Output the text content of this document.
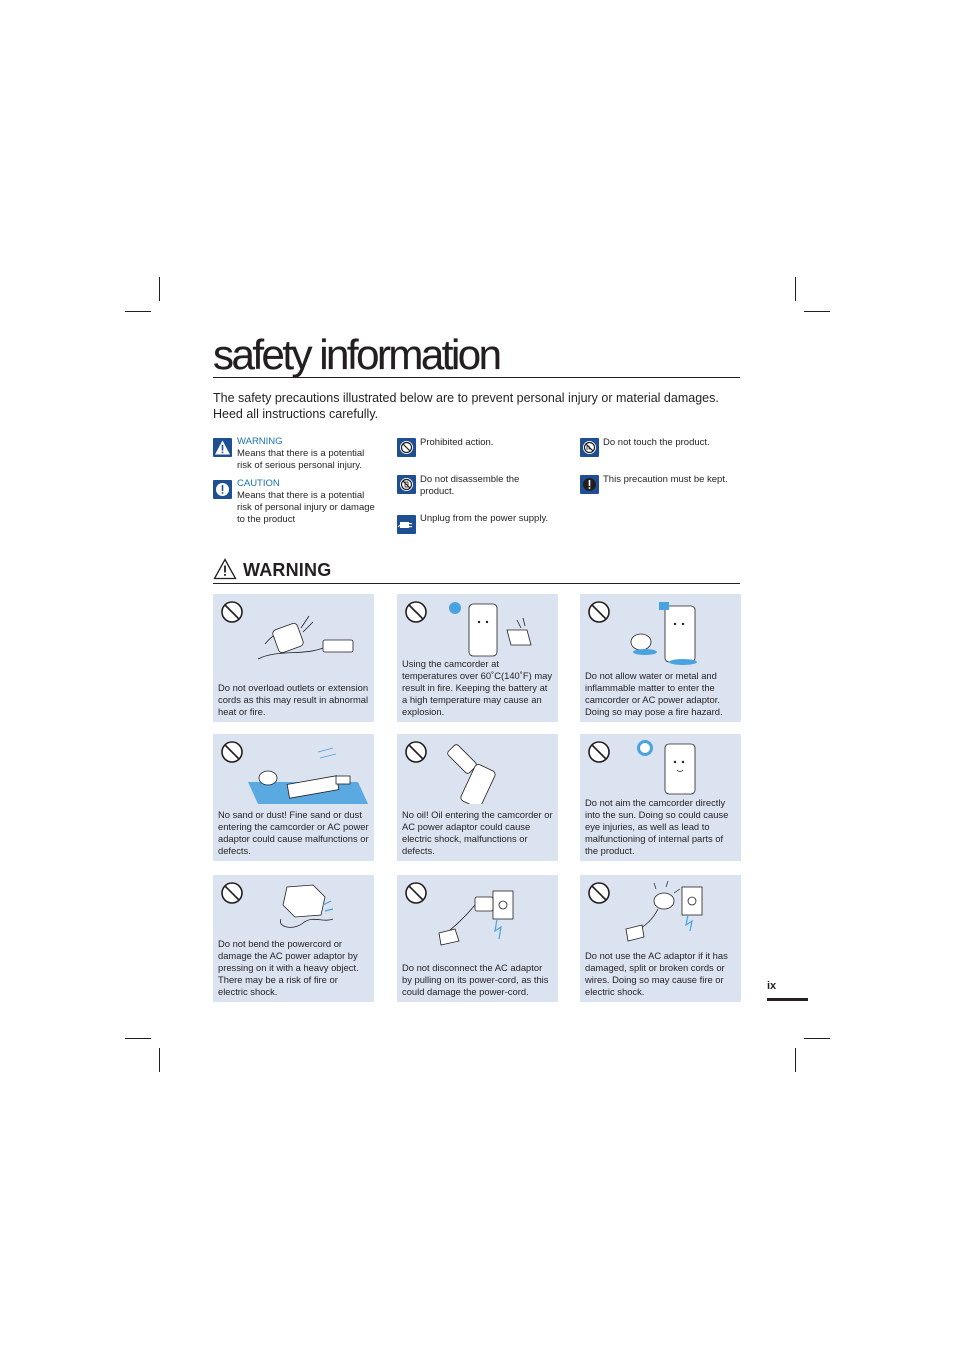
safety information
The safety precautions illustrated below are to prevent personal injury or material damages. Heed all instructions carefully.
WARNING
Means that there is a potential risk of serious personal injury.
CAUTION
Means that there is a potential risk of personal injury or damage to the product
Prohibited action.
Do not disassemble the product.
Unplug from the power supply.
Do not touch the product.
This precaution must be kept.
WARNING
Do not overload outlets or extension cords as this may result in abnormal heat or fire.
Using the camcorder at temperatures over 60˚C(140˚F) may result in fire. Keeping the battery at a high temperature may cause an explosion.
Do not allow water or metal and inflammable matter to enter the camcorder or AC power adaptor. Doing so may pose a fire hazard.
No sand or dust! Fine sand or dust entering the camcorder or AC power adaptor could cause malfunctions or defects.
No oil! Oil entering the camcorder or AC power adaptor could cause electric shock, malfunctions or defects.
Do not aim the camcorder directly into the sun. Doing so could cause eye injuries, as well as lead to malfunctioning of internal parts of the product.
Do not bend the powercord or damage the AC power adaptor by pressing on it with a heavy object. There may be a risk of fire or electric shock.
Do not disconnect the AC adaptor by pulling on its power-cord, as this could damage the power-cord.
Do not use the AC adaptor if it has damaged, split or broken cords or wires. Doing so may cause fire or electric shock.	ix
